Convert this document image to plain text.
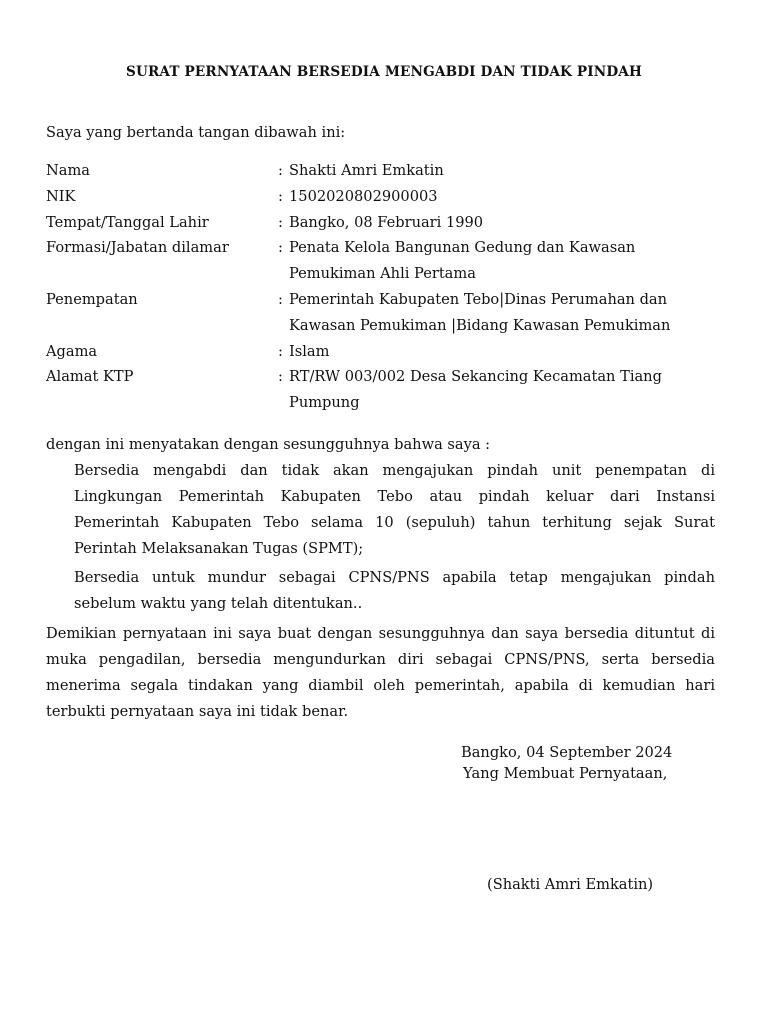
SURAT PERNYATAAN BERSEDIA MENGABDI DAN TIDAK PINDAH
Saya yang bertanda tangan dibawah ini:
Nama	: Shakti Amri Emkatin
NIK	: 1502020802900003
Tempat/Tanggal Lahir	: Bangko, 08 Februari 1990
Formasi/Jabatan dilamar	: Penata Kelola Bangunan Gedung dan Kawasan
Pemukiman Ahli Pertama
Penempatan	: Pemerintah Kabupaten Tebo|Dinas Perumahan dan
Kawasan Pemukiman |Bidang Kawasan Pemukiman
Agama	: Islam
Alamat KTP	: RT/RW 003/002 Desa Sekancing Kecamatan Tiang
Pumpung
dengan ini menyatakan dengan sesungguhnya bahwa saya :
Bersedia mengabdi dan tidak akan mengajukan pindah unit penempatan di
Lingkungan Pemerintah Kabupaten Tebo atau pindah keluar dari Instansi
Pemerintah Kabupaten Tebo selama 10 (sepuluh) tahun terhitung sejak Surat
Perintah Melaksanakan Tugas (SPMT);
Bersedia untuk mundur sebagai CPNS/PNS apabila tetap mengajukan pindah
sebelum waktu yang telah ditentukan..
Demikian pernyataan ini saya buat dengan sesungguhnya dan saya bersedia dituntut di
muka pengadilan, bersedia mengundurkan diri sebagai CPNS/PNS, serta bersedia
menerima segala tindakan yang diambil oleh pemerintah, apabila di kemudian hari
terbukti pernyataan saya ini tidak benar.
Bangko, 04 September 2024
Yang Membuat Pernyataan,
(Shakti Amri Emkatin)
